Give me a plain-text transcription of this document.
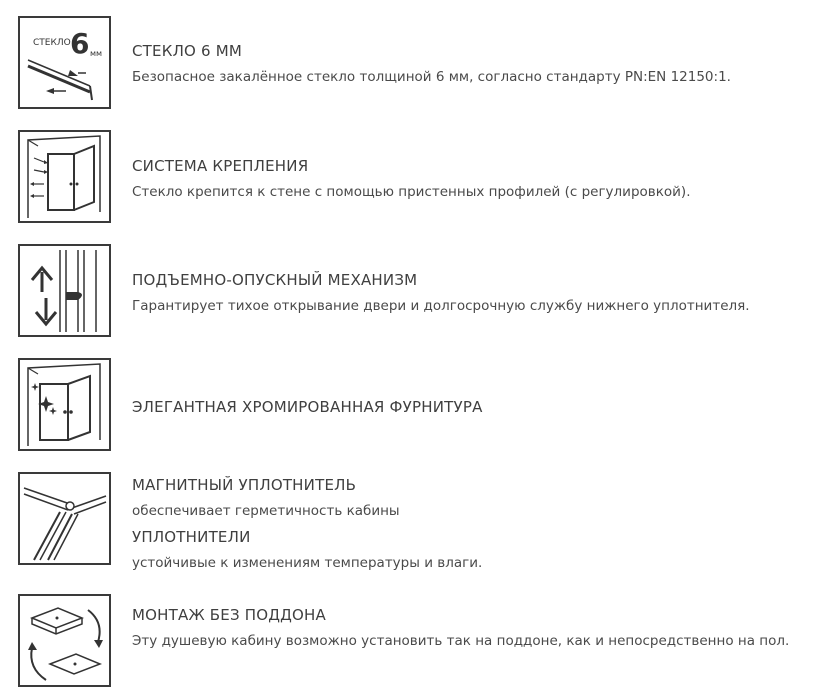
СТЕКЛО 6 мм СТЕКЛО 6 ММ
Безопасное закалённое стекло толщиной 6 мм, согласно стандарту PN:EN 12150:1.
СИСТЕМА КРЕПЛЕНИЯ
Стекло крепится к стене с помощью пристенных профилей (с регулировкой).
ПОДЪЕМНО-ОПУСКНЫЙ МЕХАНИЗМ
Гарантирует тихое открывание двери и долгосрочную службу нижнего уплотнителя.
ЭЛЕГАНТНАЯ ХРОМИРОВАННАЯ ФУРНИТУРА
МАГНИТНЫЙ УПЛОТНИТЕЛЬ
обеспечивает герметичность кабины
УПЛОТНИТЕЛИ
устойчивые к изменениям температуры и влаги.
МОНТАЖ БЕЗ ПОДДОНА
Эту душевую кабину возможно установить так на поддоне, как и непосредственно на пол.
